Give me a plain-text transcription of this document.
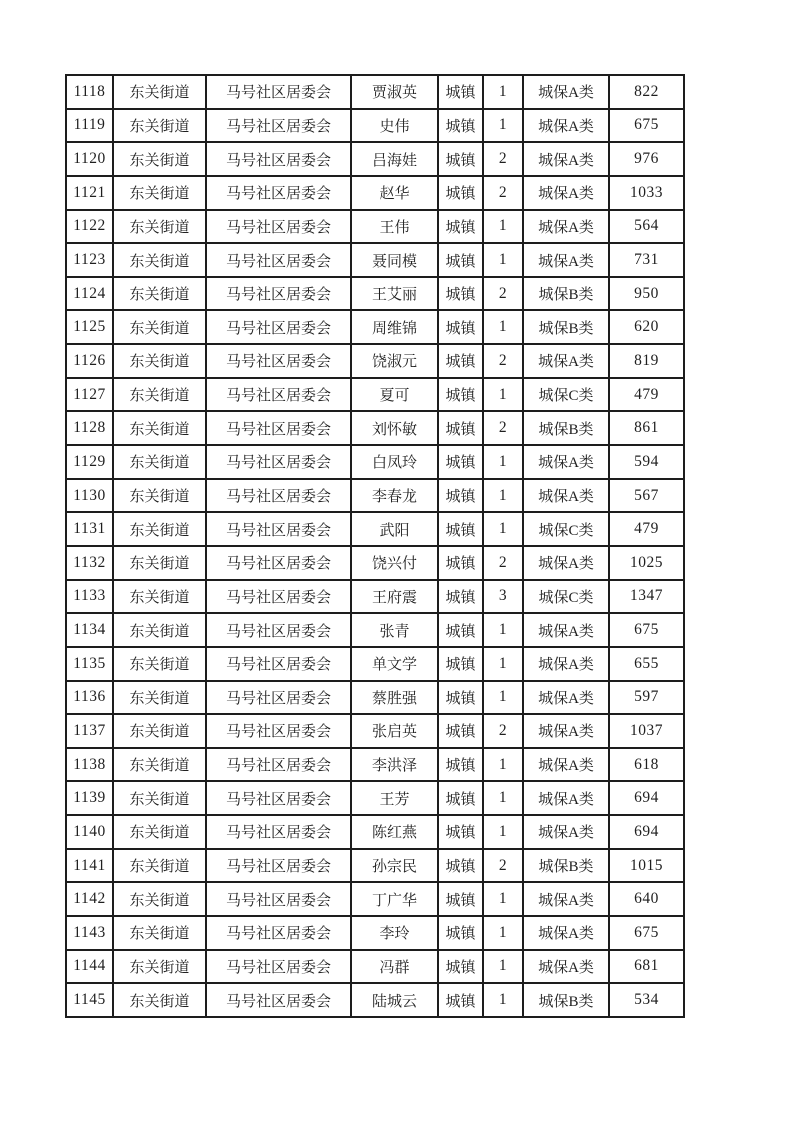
1118	东关街道	马号社区居委会	贾淑英	城镇	1	城保A类	822
1119	东关街道	马号社区居委会	史伟	城镇	1	城保A类	675
1120	东关街道	马号社区居委会	吕海娃	城镇	2	城保A类	976
1121	东关街道	马号社区居委会	赵华	城镇	2	城保A类	1033
1122	东关街道	马号社区居委会	王伟	城镇	1	城保A类	564
1123	东关街道	马号社区居委会	聂同模	城镇	1	城保A类	731
1124	东关街道	马号社区居委会	王艾丽	城镇	2	城保B类	950
1125	东关街道	马号社区居委会	周维锦	城镇	1	城保B类	620
1126	东关街道	马号社区居委会	饶淑元	城镇	2	城保A类	819
1127	东关街道	马号社区居委会	夏可	城镇	1	城保C类	479
1128	东关街道	马号社区居委会	刘怀敏	城镇	2	城保B类	861
1129	东关街道	马号社区居委会	白凤玲	城镇	1	城保A类	594
1130	东关街道	马号社区居委会	李春龙	城镇	1	城保A类	567
1131	东关街道	马号社区居委会	武阳	城镇	1	城保C类	479
1132	东关街道	马号社区居委会	饶兴付	城镇	2	城保A类	1025
1133	东关街道	马号社区居委会	王府震	城镇	3	城保C类	1347
1134	东关街道	马号社区居委会	张青	城镇	1	城保A类	675
1135	东关街道	马号社区居委会	单文学	城镇	1	城保A类	655
1136	东关街道	马号社区居委会	蔡胜强	城镇	1	城保A类	597
1137	东关街道	马号社区居委会	张启英	城镇	2	城保A类	1037
1138	东关街道	马号社区居委会	李洪泽	城镇	1	城保A类	618
1139	东关街道	马号社区居委会	王芳	城镇	1	城保A类	694
1140	东关街道	马号社区居委会	陈红燕	城镇	1	城保A类	694
1141	东关街道	马号社区居委会	孙宗民	城镇	2	城保B类	1015
1142	东关街道	马号社区居委会	丁广华	城镇	1	城保A类	640
1143	东关街道	马号社区居委会	李玲	城镇	1	城保A类	675
1144	东关街道	马号社区居委会	冯群	城镇	1	城保A类	681
1145	东关街道	马号社区居委会	陆城云	城镇	1	城保B类	534
